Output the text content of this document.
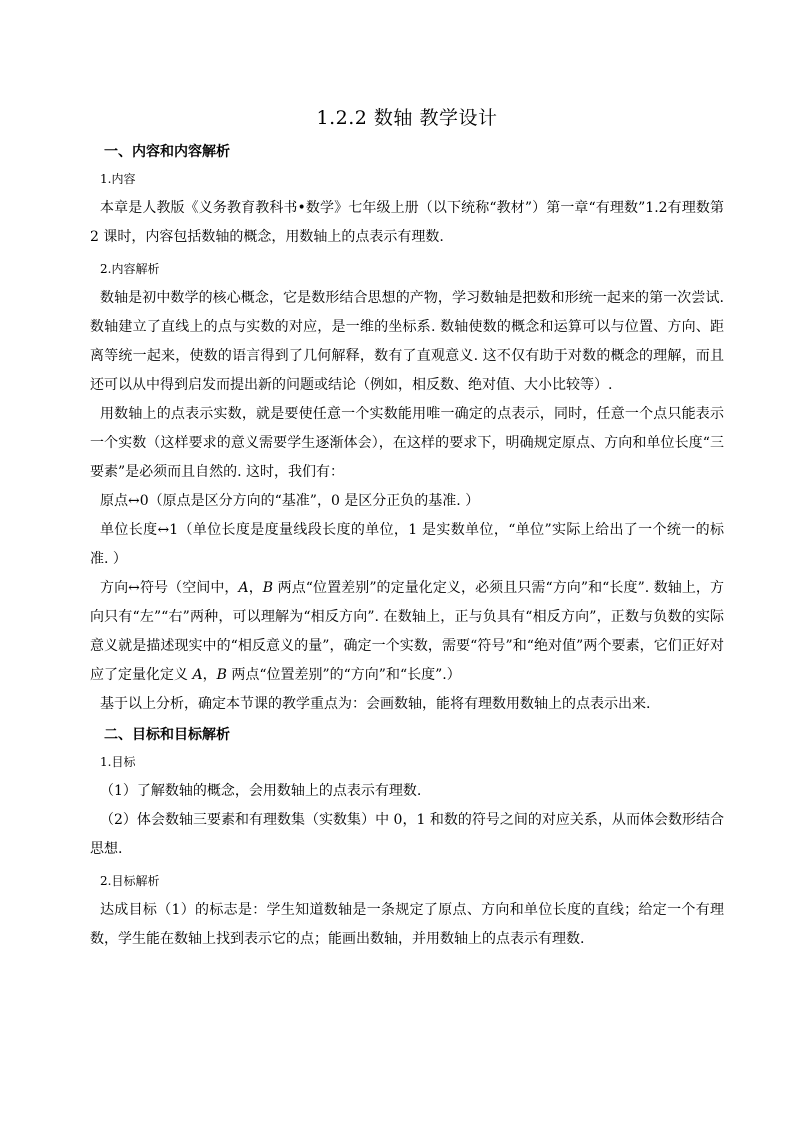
1.2.2 数轴 教学设计
一、内容和内容解析
1.内容

本章是人教版《义务教育教科书•数学》七年级上册（以下统称“教材”）第一章“有理数”1.2有理数第 2 课时，内容包括数轴的概念，用数轴上的点表示有理数.

2.内容解析

数轴是初中数学的核心概念，它是数形结合思想的产物，学习数轴是把数和形统一起来的第一次尝试. 数轴建立了直线上的点与实数的对应，是一维的坐标系. 数轴使数的概念和运算可以与位置、方向、距离等统一起来，使数的语言得到了几何解释，数有了直观意义. 这不仅有助于对数的概念的理解，而且还可以从中得到启发而提出新的问题或结论（例如，相反数、绝对值、大小比较等）.

用数轴上的点表示实数，就是要使任意一个实数能用唯一确定的点表示，同时，任意一个点只能表示一个实数（这样要求的意义需要学生逐渐体会），在这样的要求下，明确规定原点、方向和单位长度“三要素”是必须而且自然的. 这时，我们有：

原点↔0（原点是区分方向的“基准”，0 是区分正负的基准. ）

单位长度↔1（单位长度是度量线段长度的单位，1 是实数单位，“单位”实际上给出了一个统一的标准. ）

方向↔符号（空间中，A，B 两点“位置差别”的定量化定义，必须且只需“方向”和“长度”. 数轴上，方向只有“左”“右”两种，可以理解为“相反方向”. 在数轴上，正与负具有“相反方向”，正数与负数的实际意义就是描述现实中的“相反意义的量”，确定一个实数，需要“符号”和“绝对值”两个要素，它们正好对应了定量化定义 A，B 两点“位置差别”的“方向”和“长度”.）

基于以上分析，确定本节课的教学重点为：会画数轴，能将有理数用数轴上的点表示出来.

二、目标和目标解析
1.目标
（1）了解数轴的概念，会用数轴上的点表示有理数.

（2）体会数轴三要素和有理数集（实数集）中 0，1 和数的符号之间的对应关系，从而体会数形结合思想.

2.目标解析

达成目标（1）的标志是：学生知道数轴是一条规定了原点、方向和单位长度的直线；给定一个有理数，学生能在数轴上找到表示它的点；能画出数轴，并用数轴上的点表示有理数.
